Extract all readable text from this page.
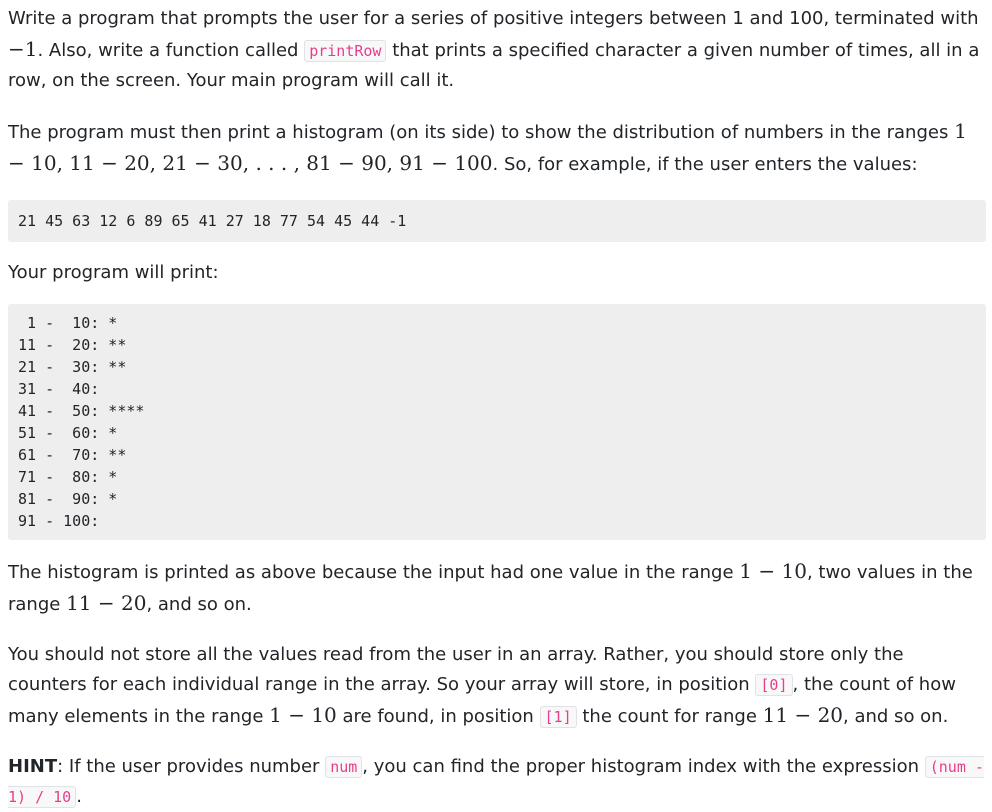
Write a program that prompts the user for a series of positive integers between 1 and 100, terminated with −1. Also, write a function called printRow that prints a specified character a given number of times, all in a row, on the screen. Your main program will call it.

The program must then print a histogram (on its side) to show the distribution of numbers in the ranges 1 − 10, 11 − 20, 21 − 30, . . . , 81 − 90, 91 − 100. So, for example, if the user enters the values:

21 45 63 12 6 89 65 41 27 18 77 54 45 44 -1

Your program will print:

1 -  10: *
11 -  20: **
21 -  30: **
31 -  40:
41 -  50: ****
51 -  60: *
61 -  70: **
71 -  80: *
81 -  90: *
91 - 100:

The histogram is printed as above because the input had one value in the range 1 − 10, two values in the range 11 − 20, and so on.

You should not store all the values read from the user in an array. Rather, you should store only the counters for each individual range in the array. So your array will store, in position [0] , the count of how many elements in the range 1 − 10 are found, in position [1] the count for range 11 − 20, and so on.

HINT: If the user provides number num , you can find the proper histogram index with the expression (num - 1) / 10 .
